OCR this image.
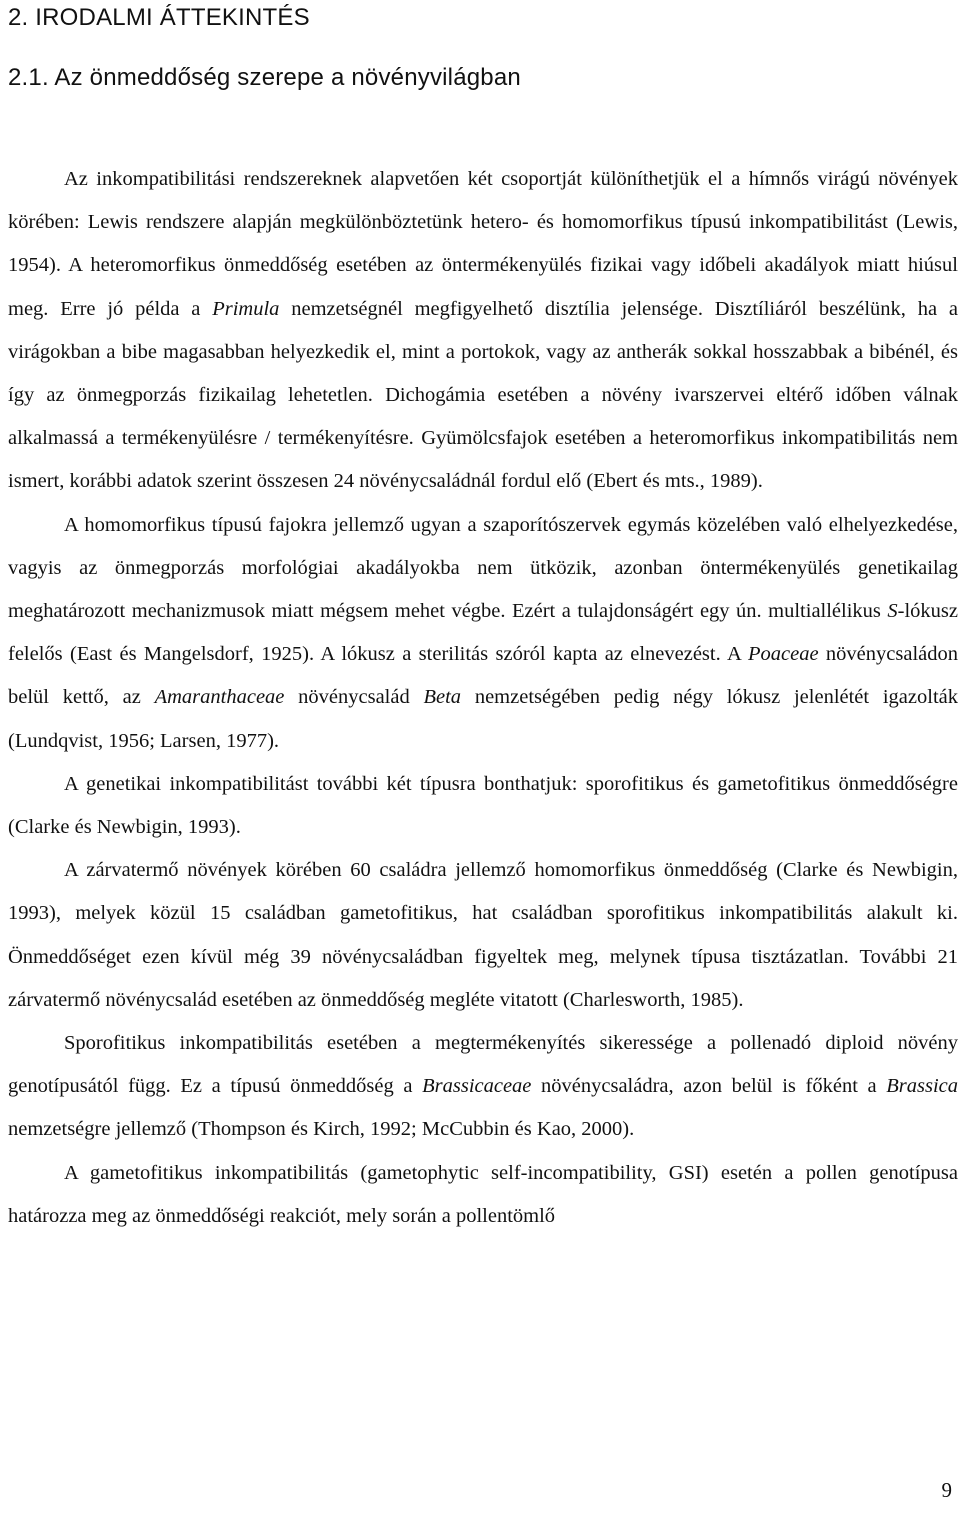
2. IRODALMI ÁTTEKINTÉS
2.1. Az önmeddőség szerepe a növényvilágban

Az inkompatibilitási rendszereknek alapvetően két csoportját különíthetjük el a hímnős virágú növények körében: Lewis rendszere alapján megkülönböztetünk hetero- és homomorfikus típusú inkompatibilitást (Lewis, 1954). A heteromorfikus önmeddőség esetében az öntermékenyülés fizikai vagy időbeli akadályok miatt hiúsul meg. Erre jó példa a Primula nemzetségnél megfigyelhető disztília jelensége. Disztíliáról beszélünk, ha a virágokban a bibe magasabban helyezkedik el, mint a portokok, vagy az antherák sokkal hosszabbak a bibénél, és így az önmegporzás fizikailag lehetetlen. Dichogámia esetében a növény ivarszervei eltérő időben válnak alkalmassá a termékenyülésre / termékenyítésre. Gyümölcsfajok esetében a heteromorfikus inkompatibilitás nem ismert, korábbi adatok szerint összesen 24 növénycsaládnál fordul elő (Ebert és mts., 1989).

A homomorfikus típusú fajokra jellemző ugyan a szaporítószervek egymás közelében való elhelyezkedése, vagyis az önmegporzás morfológiai akadályokba nem ütközik, azonban öntermékenyülés genetikailag meghatározott mechanizmusok miatt mégsem mehet végbe. Ezért a tulajdonságért egy ún. multiallélikus S-lókusz felelős (East és Mangelsdorf, 1925). A lókusz a sterilitás szóról kapta az elnevezést. A Poaceae növénycsaládon belül kettő, az Amaranthaceae növénycsalád Beta nemzetségében pedig négy lókusz jelenlétét igazolták (Lundqvist, 1956; Larsen, 1977).

A genetikai inkompatibilitást további két típusra bonthatjuk: sporofitikus és gametofitikus önmeddőségre (Clarke és Newbigin, 1993).

A zárvatermő növények körében 60 családra jellemző homomorfikus önmeddőség (Clarke és Newbigin, 1993), melyek közül 15 családban gametofitikus, hat családban sporofitikus inkompatibilitás alakult ki. Önmeddőséget ezen kívül még 39 növénycsaládban figyeltek meg, melynek típusa tisztázatlan. További 21 zárvatermő növénycsalád esetében az önmeddőség megléte vitatott (Charlesworth, 1985).

Sporofitikus inkompatibilitás esetében a megtermékenyítés sikeressége a pollenadó diploid növény genotípusától függ. Ez a típusú önmeddőség a Brassicaceae növénycsaládra, azon belül is főként a Brassica nemzetségre jellemző (Thompson és Kirch, 1992; McCubbin és Kao, 2000).

A gametofitikus inkompatibilitás (gametophytic self-incompatibility, GSI) esetén a pollen genotípusa határozza meg az önmeddőségi reakciót, mely során a pollentömlő

9
